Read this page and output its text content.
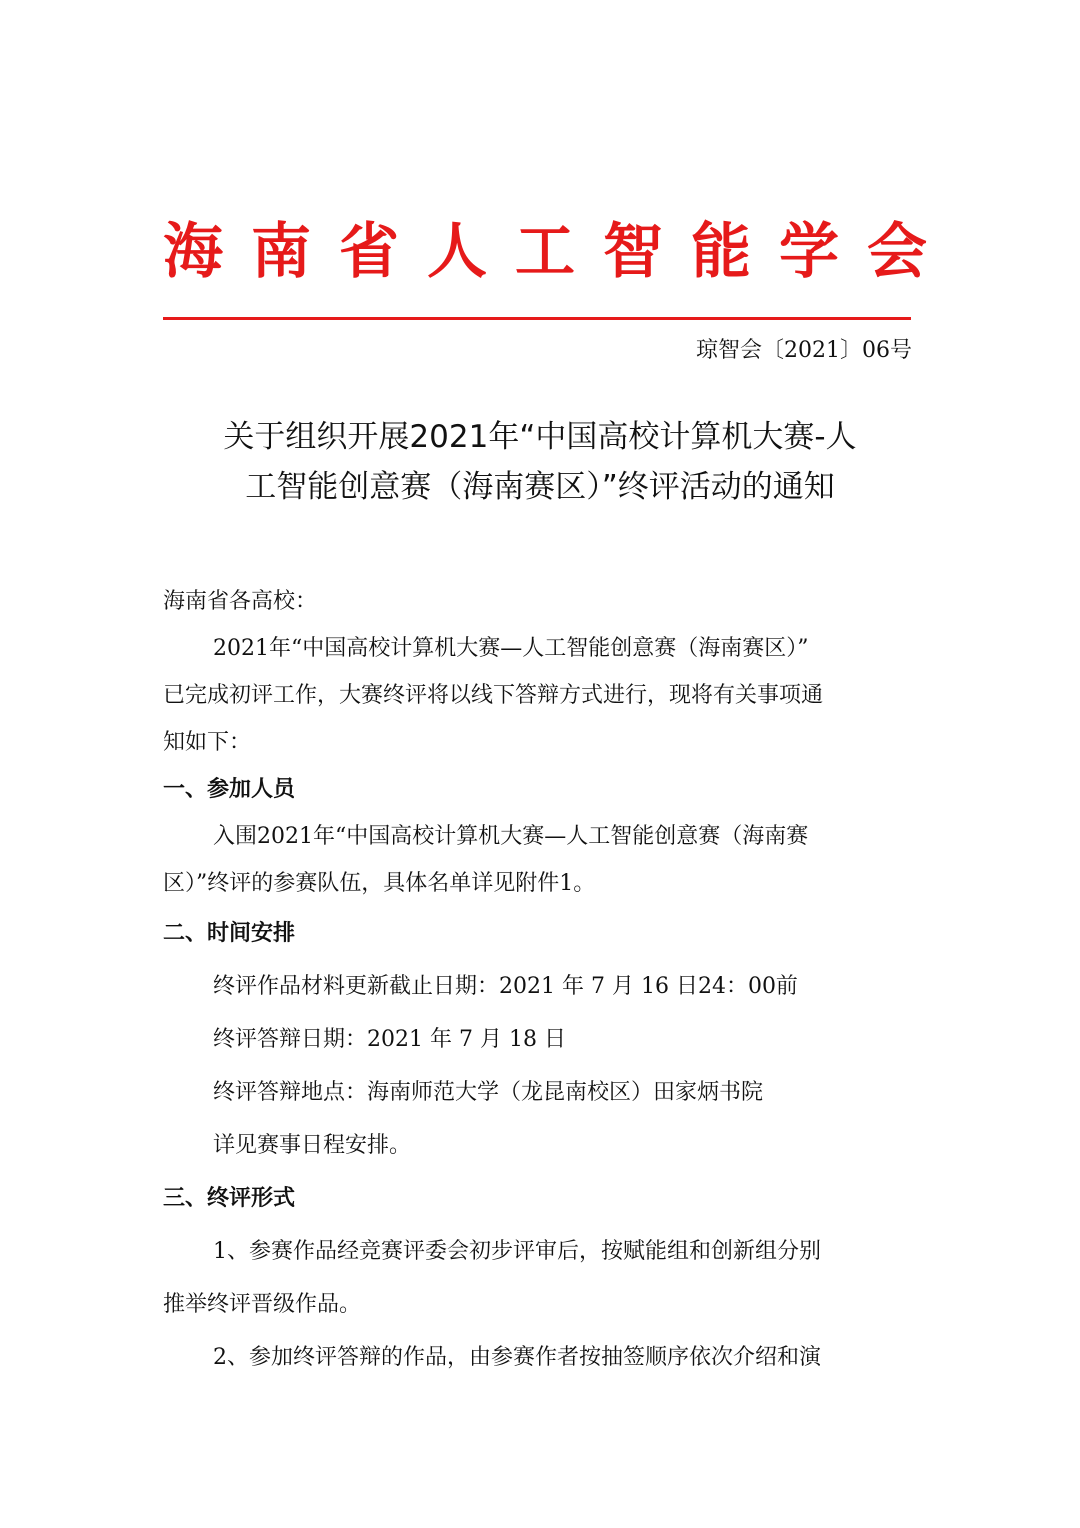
海南省人工智能学会
琼智会〔2021〕06号
关于组织开展2021年“中国高校计算机大赛-人
工智能创意赛（海南赛区）”终评活动的通知
海南省各高校：
2021年“中国高校计算机大赛—人工智能创意赛（海南赛区）”
已完成初评工作，大赛终评将以线下答辩方式进行，现将有关事项通
知如下：
一、参加人员
入围2021年“中国高校计算机大赛—人工智能创意赛（海南赛
区）”终评的参赛队伍，具体名单详见附件1。
二、时间安排
终评作品材料更新截止日期：2021 年 7 月 16 日24：00前
终评答辩日期：2021 年 7 月 18 日
终评答辩地点：海南师范大学（龙昆南校区）田家炳书院
详见赛事日程安排。
三、终评形式
1、参赛作品经竞赛评委会初步评审后，按赋能组和创新组分别
推举终评晋级作品。
2、参加终评答辩的作品，由参赛作者按抽签顺序依次介绍和演
